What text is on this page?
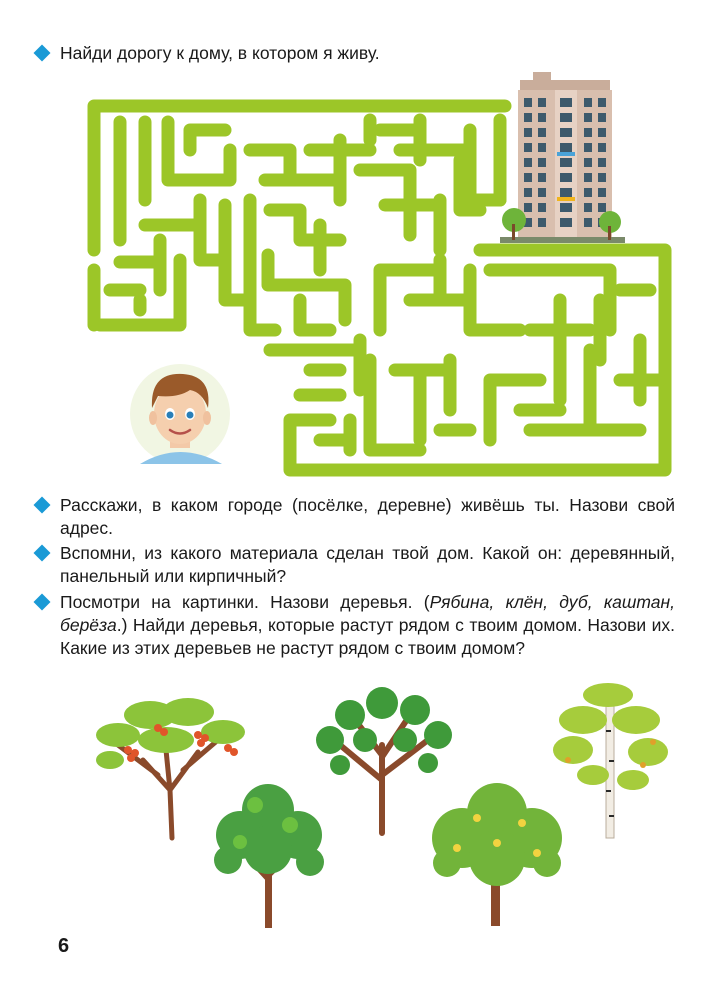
Найди дорогу к дому, в котором я живу.

Расскажи, в каком городе (посёлке, деревне) живёшь ты. Назови свой адрес.

Вспомни, из какого материала сделан твой дом. Какой он: деревянный, панельный или кирпичный?

Посмотри на картинки. Назови деревья. (Рябина, клён, дуб, каштан, берёза.) Найди деревья, которые растут рядом с твоим домом. Назови их. Какие из этих деревьев не растут рядом с твоим домом?

6
